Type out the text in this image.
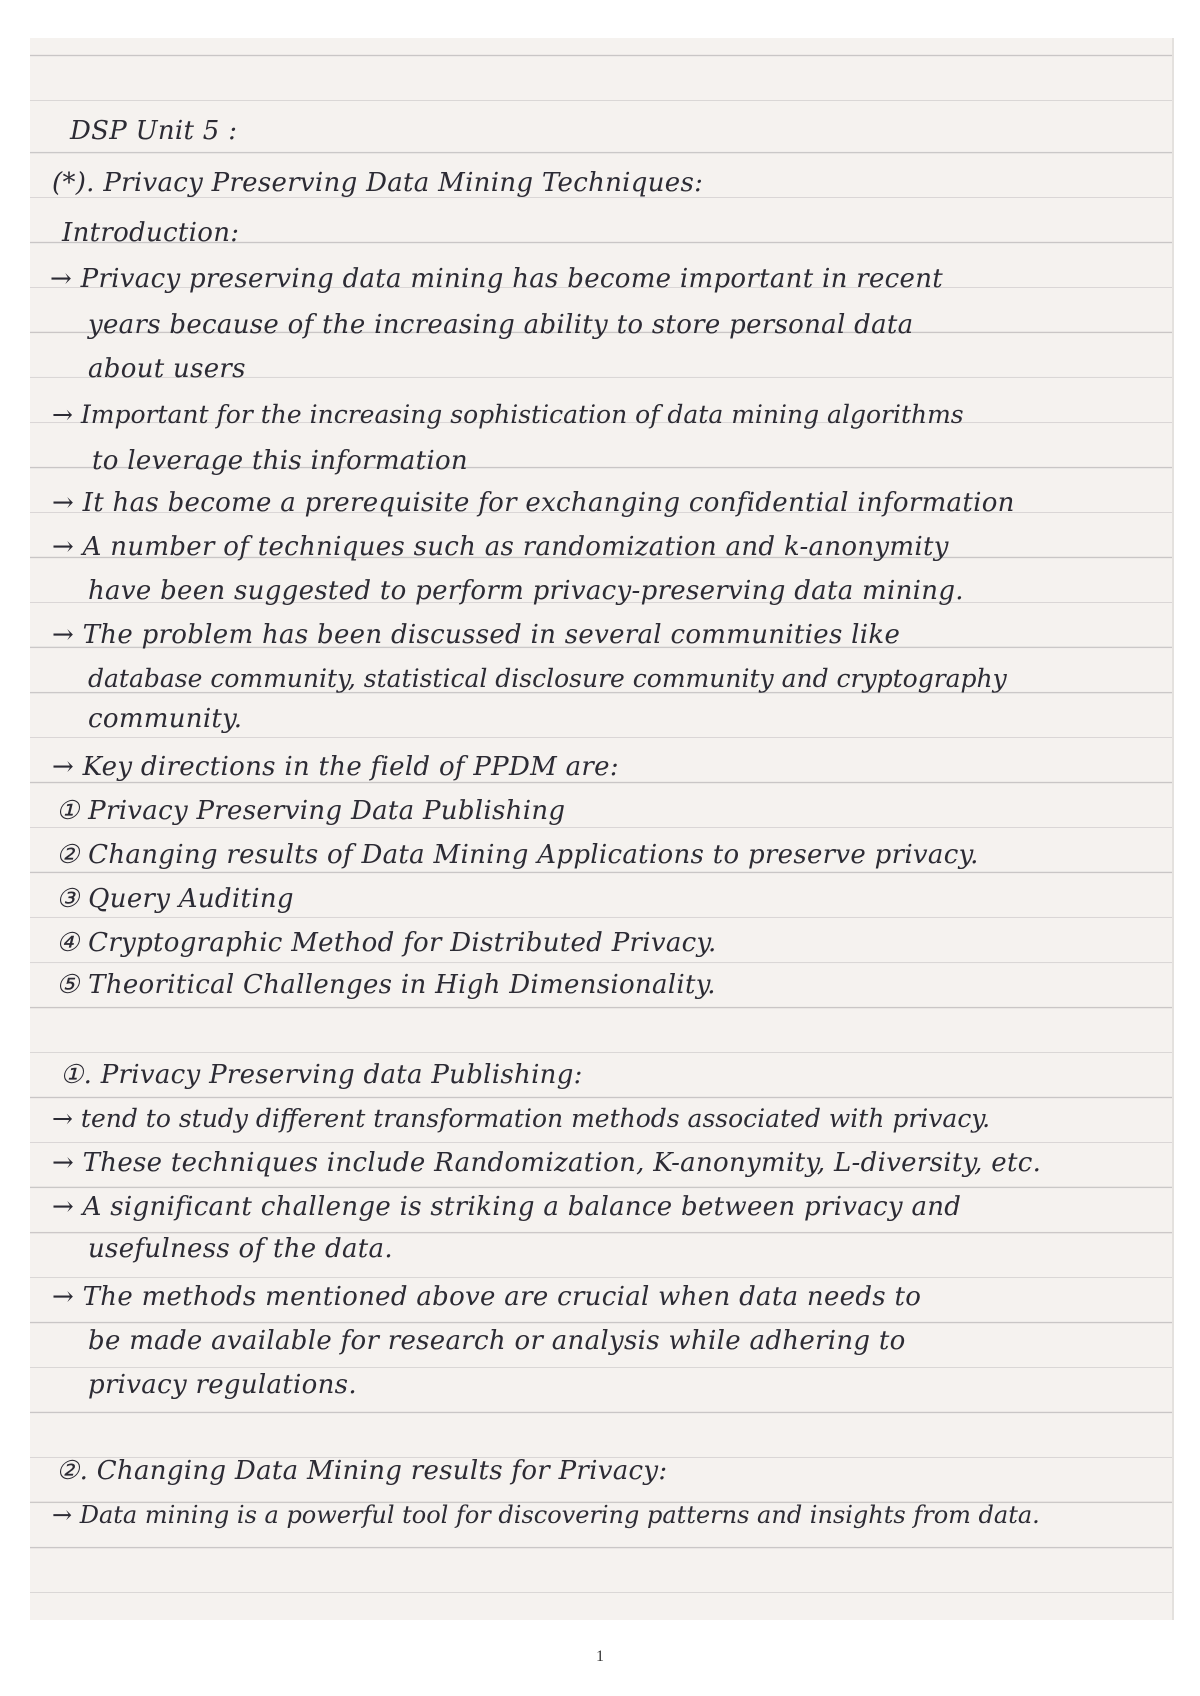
DSP Unit 5 :
(*). Privacy Preserving Data Mining Techniques:
Introduction:
→ Privacy preserving data mining has become important in recent
years because of the increasing ability to store personal data
about users
→ Important for the increasing sophistication of data mining algorithms
to leverage this information
→ It has become a prerequisite for exchanging confidential information
→ A number of techniques such as randomization and k-anonymity
have been suggested to perform privacy-preserving data mining.
→ The problem has been discussed in several communities like
database community, statistical disclosure community and cryptography
community.
→ Key directions in the field of PPDM are:
① Privacy Preserving Data Publishing
② Changing results of Data Mining Applications to preserve privacy.
③ Query Auditing
④ Cryptographic Method for Distributed Privacy.
⑤ Theoritical Challenges in High Dimensionality.
①. Privacy Preserving data Publishing:
→ tend to study different transformation methods associated with privacy.
→ These techniques include Randomization, K-anonymity, L-diversity, etc.
→ A significant challenge is striking a balance between privacy and
usefulness of the data.
→ The methods mentioned above are crucial when data needs to
be made available for research or analysis while adhering to
privacy regulations.
②. Changing Data Mining results for Privacy:
→ Data mining is a powerful tool for discovering patterns and insights from data.
1
